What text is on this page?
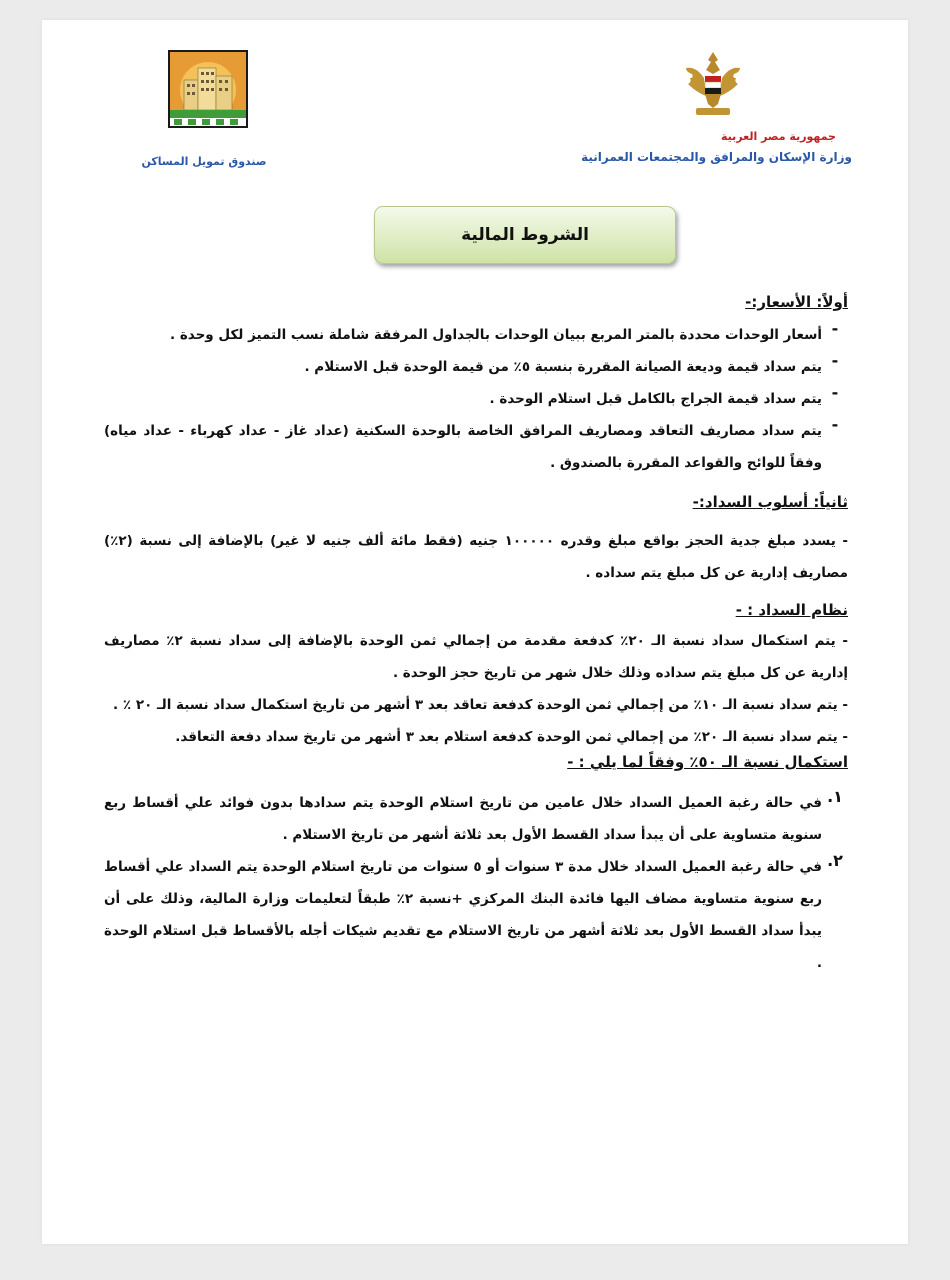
جمهورية مصر العربية
وزارة الإسكان والمرافق والمجتمعات العمرانية
صندوق تمويل المساكن
الشروط المالية
أولاً: الأسعار:-
-
أسعار الوحدات محددة بالمتر المربع ببيان الوحدات بالجداول المرفقة شاملة نسب التميز لكل وحدة .
-
يتم سداد قيمة وديعة الصيانة المقررة بنسبة ٥٪ من قيمة الوحدة قبل الاستلام .
-
يتم سداد قيمة الجراج بالكامل قبل استلام الوحدة .
-
يتم سداد مصاريف التعاقد ومصاريف المرافق الخاصة بالوحدة السكنية (عداد غاز - عداد كهرباء - عداد مياه) وفقاً للوائح والقواعد المقررة بالصندوق .
ثانياً: أسلوب السداد:-
- يسدد مبلغ جدية الحجز بواقع مبلغ وقدره ١٠٠٠٠٠ جنيه (فقط مائة ألف جنيه لا غير) بالإضافة إلى نسبة (٢٪) مصاريف إدارية عن كل مبلغ يتم سداده .
نظام السداد : -
- يتم استكمال سداد نسبة الـ ٢٠٪ كدفعة مقدمة من إجمالي ثمن الوحدة بالإضافة إلى سداد نسبة ٢٪ مصاريف إدارية عن كل مبلغ يتم سداده وذلك خلال شهر من تاريخ حجز الوحدة .
- يتم سداد نسبة الـ ١٠٪ من إجمالي ثمن الوحدة كدفعة تعاقد بعد ٣ أشهر من تاريخ استكمال سداد نسبة الـ ٢٠ ٪ .
- يتم سداد نسبة الـ ٢٠٪ من إجمالي ثمن الوحدة كدفعة استلام بعد ٣ أشهر من تاريخ سداد دفعة التعاقد.
استكمال نسبة الـ ٥٠٪ وفقاً لما يلي : -
١.
في حالة رغبة العميل السداد خلال عامين من تاريخ استلام الوحدة يتم سدادها بدون فوائد علي أقساط ربع سنوية متساوية على أن يبدأ سداد القسط الأول بعد ثلاثة أشهر من تاريخ الاستلام .
٢.
في حالة رغبة العميل السداد خلال مدة ٣ سنوات أو ٥ سنوات من تاريخ استلام الوحدة يتم السداد علي أقساط ربع سنوية متساوية مضاف اليها فائدة البنك المركزي +نسبة ٢٪ طبقاً لتعليمات وزارة المالية، وذلك على أن يبدأ سداد القسط الأول بعد ثلاثة أشهر من تاريخ الاستلام مع تقديم شيكات أجله بالأقساط قبل استلام الوحدة .
